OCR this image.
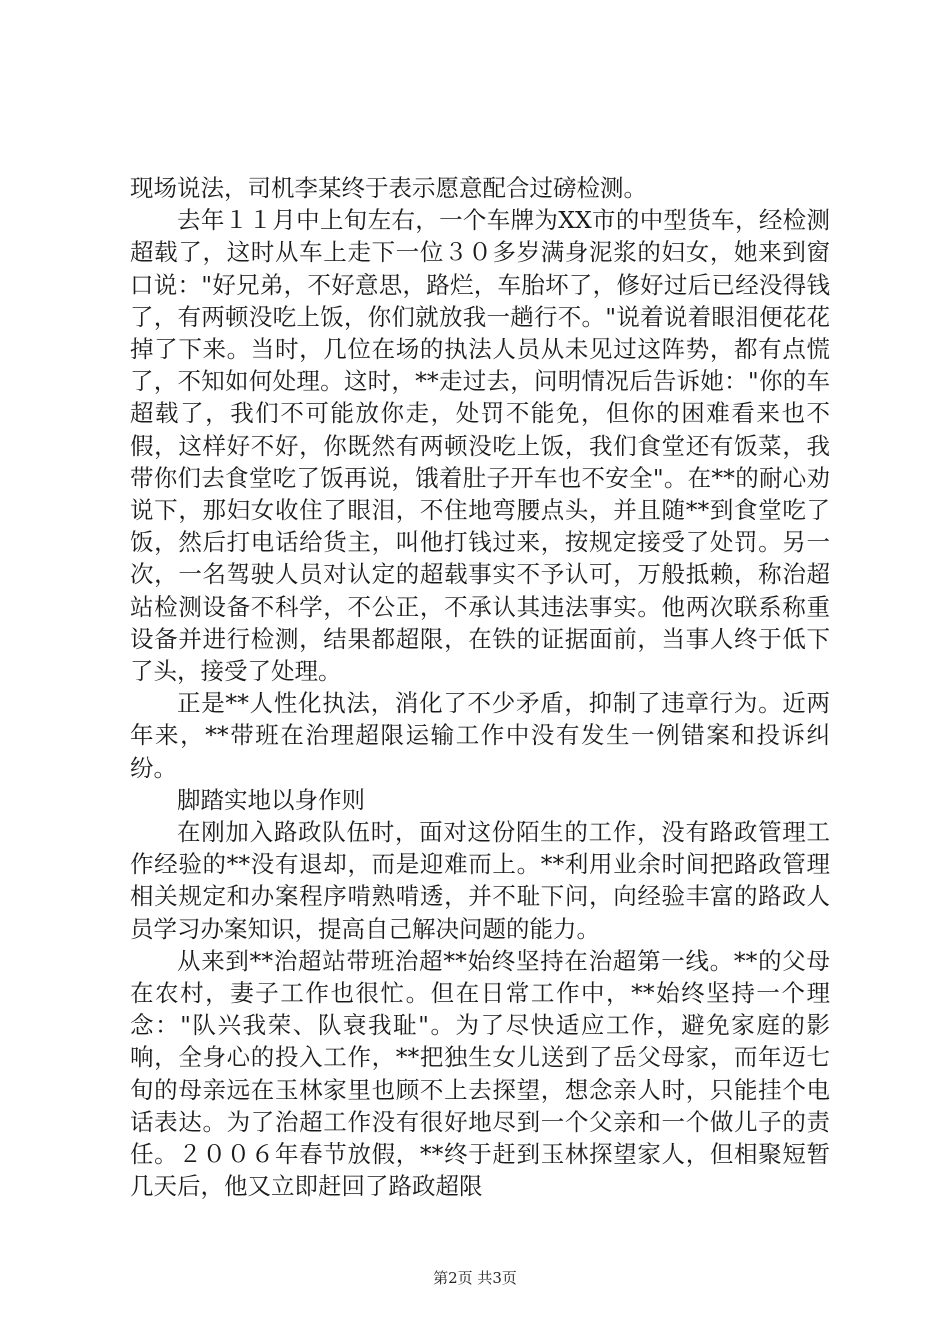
现场说法，司机李某终于表示愿意配合过磅检测。

去年１１月中上旬左右，一个车牌为XX市的中型货车，经检测超载了，这时从车上走下一位３０多岁满身泥浆的妇女，她来到窗口说："好兄弟，不好意思，路烂，车胎坏了，修好过后已经没得钱了，有两顿没吃上饭，你们就放我一趟行不。"说着说着眼泪便花花掉了下来。当时，几位在场的执法人员从未见过这阵势，都有点慌了，不知如何处理。这时，**走过去，问明情况后告诉她："你的车超载了，我们不可能放你走，处罚不能免，但你的困难看来也不假，这样好不好，你既然有两顿没吃上饭，我们食堂还有饭菜，我带你们去食堂吃了饭再说，饿着肚子开车也不安全"。在**的耐心劝说下，那妇女收住了眼泪，不住地弯腰点头，并且随**到食堂吃了饭，然后打电话给货主，叫他打钱过来，按规定接受了处罚。另一次，一名驾驶人员对认定的超载事实不予认可，万般抵赖，称治超站检测设备不科学，不公正，不承认其违法事实。他两次联系称重设备并进行检测，结果都超限，在铁的证据面前，当事人终于低下了头，接受了处理。

正是**人性化执法，消化了不少矛盾，抑制了违章行为。近两年来，**带班在治理超限运输工作中没有发生一例错案和投诉纠纷。

脚踏实地以身作则

在刚加入路政队伍时，面对这份陌生的工作，没有路政管理工作经验的**没有退却，而是迎难而上。**利用业余时间把路政管理相关规定和办案程序啃熟啃透，并不耻下问，向经验丰富的路政人员学习办案知识，提高自己解决问题的能力。

从来到**治超站带班治超**始终坚持在治超第一线。**的父母在农村，妻子工作也很忙。但在日常工作中，**始终坚持一个理念："队兴我荣、队衰我耻"。为了尽快适应工作，避免家庭的影响，全身心的投入工作，**把独生女儿送到了岳父母家，而年迈七旬的母亲远在玉林家里也顾不上去探望，想念亲人时，只能挂个电话表达。为了治超工作没有很好地尽到一个父亲和一个做儿子的责任。２００６年春节放假，**终于赶到玉林探望家人，但相聚短暂几天后，他又立即赶回了路政超限

第2页 共3页
